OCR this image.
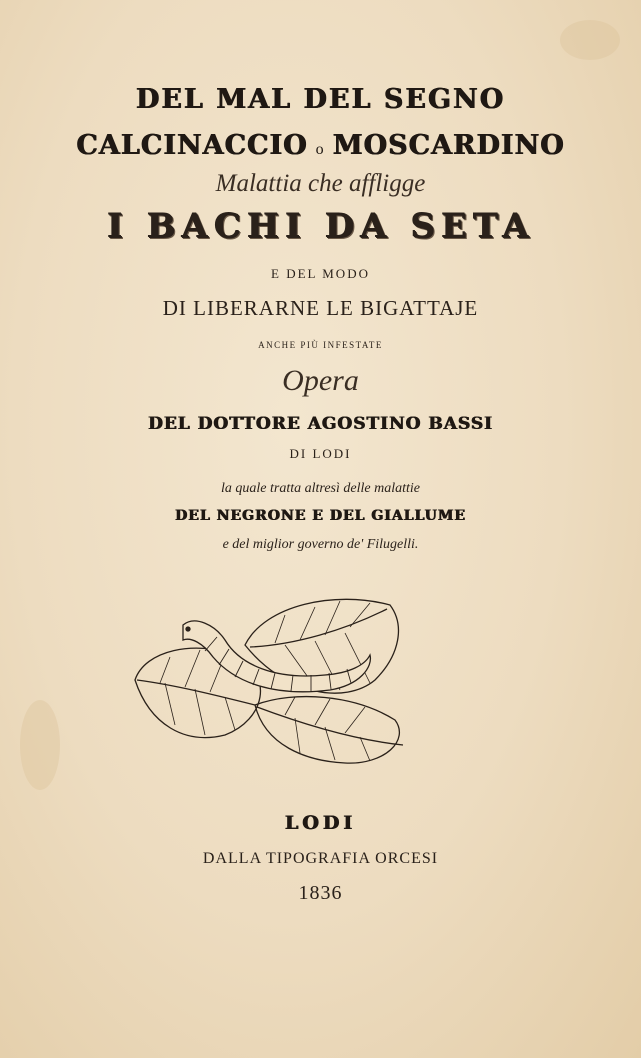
DEL MAL DEL SEGNO
CALCINACCIO o MOSCARDINO
Malattia che affligge
I BACHI DA SETA
E DEL MODO
DI LIBERARNE LE BIGATTAJE
ANCHE PIÙ INFESTATE
Opera
DEL DOTTORE AGOSTINO BASSI
DI LODI
la quale tratta altresì delle malattie
DEL NEGRONE E DEL GIALLUME
e del miglior governo de' Filugelli.
LODI
DALLA TIPOGRAFIA ORCESI
1836
